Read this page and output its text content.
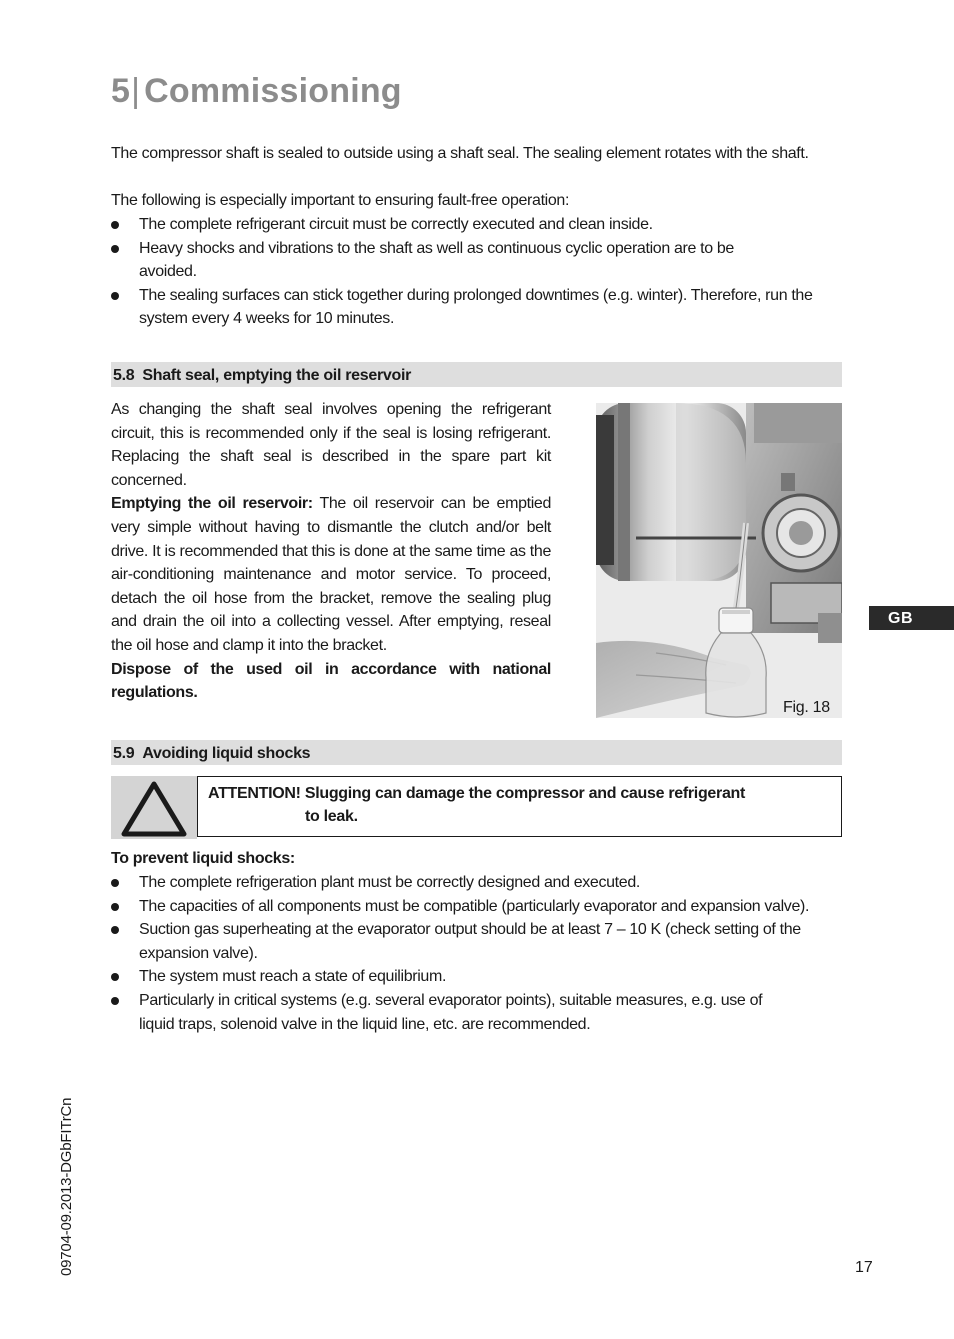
5| Commissioning
The compressor shaft is sealed to outside using a shaft seal. The sealing element rotates with the shaft.
The following is especially important to ensuring fault-free operation:
The complete refrigerant circuit must be correctly executed and clean inside.
Heavy shocks and vibrations to the shaft as well as continuous cyclic operation are to be avoided.
The sealing surfaces can stick together during prolonged downtimes (e.g. winter). Therefore, run the system every 4 weeks for 10 minutes.
5.8 Shaft seal, emptying the oil reservoir
As changing the shaft seal involves opening the refrigerant circuit, this is recommended only if the seal is losing refrigerant. Replacing the shaft seal is described in the spare part kit concerned.
Emptying the oil reservoir: The oil reservoir can be emptied very simple without having to dismantle the clutch and/or belt drive. It is recommended that this is done at the same time as the air-conditioning maintenance and motor service. To proceed, detach the oil hose from the bracket, remove the sealing plug and drain the oil into a collecting vessel. After emptying, reseal the oil hose and clamp it into the bracket.
Dispose of the used oil in accordance with national regulations.
Fig. 18
GB
5.9 Avoiding liquid shocks
ATTENTION! Slugging can damage the compressor and cause refrigerant
to leak.
To prevent liquid shocks:
The complete refrigeration plant must be correctly designed and executed.
The capacities of all components must be compatible (particularly evaporator and expansion valve).
Suction gas superheating at the evaporator output should be at least 7 – 10 K (check setting of the expansion valve).
The system must reach a state of equilibrium.
Particularly in critical systems (e.g. several evaporator points), suitable measures, e.g. use of liquid traps, solenoid valve in the liquid line, etc. are recommended.
09704-09.2013-DGbFITrCn	17
